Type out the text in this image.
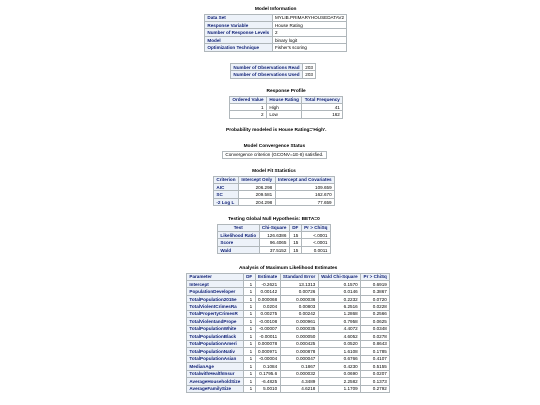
Model Information
Data Set	MYLIB.PRIMARYHOUSEDATAV2
Response Variable	House Rating
Number of Response Levels	2
Model	binary logit
Optimization Technique	Fisher's scoring
Number of Observations Read	203
Number of Observations Used	203
Response Profile
Ordered Value	House Rating	Total Frequency
1	High	41
2	Low	162
Probability modeled is House Rating='High'.
Model Convergence Status
Convergence criterion (GCONV=1E-8) satisfied.
Model Fit Statistics
Criterion	Intercept Only	Intercept and Covariates
AIC	206.298	109.659
SC	209.581	162.670
-2 Log L	204.298	77.659
Testing Global Null Hypothesis: BETA=0
Test	Chi-Square	DF	Pr > ChiSq
Likelihood Ratio	126.6386	15	<.0001
Score	96.4065	15	<.0001
Wald	37.5152	15	0.0011
Analysis of Maximum Likelihood Estimates
Parameter	DF	Estimate	Standard Error	Wald Chi-Square	Pr > ChiSq
Intercept	1	-0.2621	13.1313	0.1570	0.6919
PopulationDeveloper	1	0.00142	0.00726	0.0146	0.3867
TotalPopulation2015e	1	0.000068	0.000036	0.2232	0.0720
TotalViolentCrimesRa	1	0.0204	0.00803	6.2516	0.0228
TotalPropertyCrimesR	1	0.00275	0.00242	1.2868	0.2566
TotalViolentandPrope	1	-0.00108	0.000961	0.7958	0.0625
TotalPopulationWhite	1	-0.00007	0.000035	4.4072	0.0348
TotalPopulationBlack	1	-0.00011	0.000050	4.6052	0.0278
TotalPopulationAmeri	1	0.000078	0.000425	0.0520	0.8643
TotalPopulationNativ	1	0.000971	0.000878	1.6108	0.1785
TotalPopulationAsian	1	-0.00004	0.000047	0.6766	0.4107
MedianAge	1	0.1084	0.1867	0.4230	0.5155
TotalwithHealthInsur	1	0.1795.6	0.000032	0.0690	0.0207
AverageHouseholdSize	1	-6.4825	4.3489	2.2582	0.1373
AverageFamilySize	1	5.0010	4.6218	1.1709	0.2792
